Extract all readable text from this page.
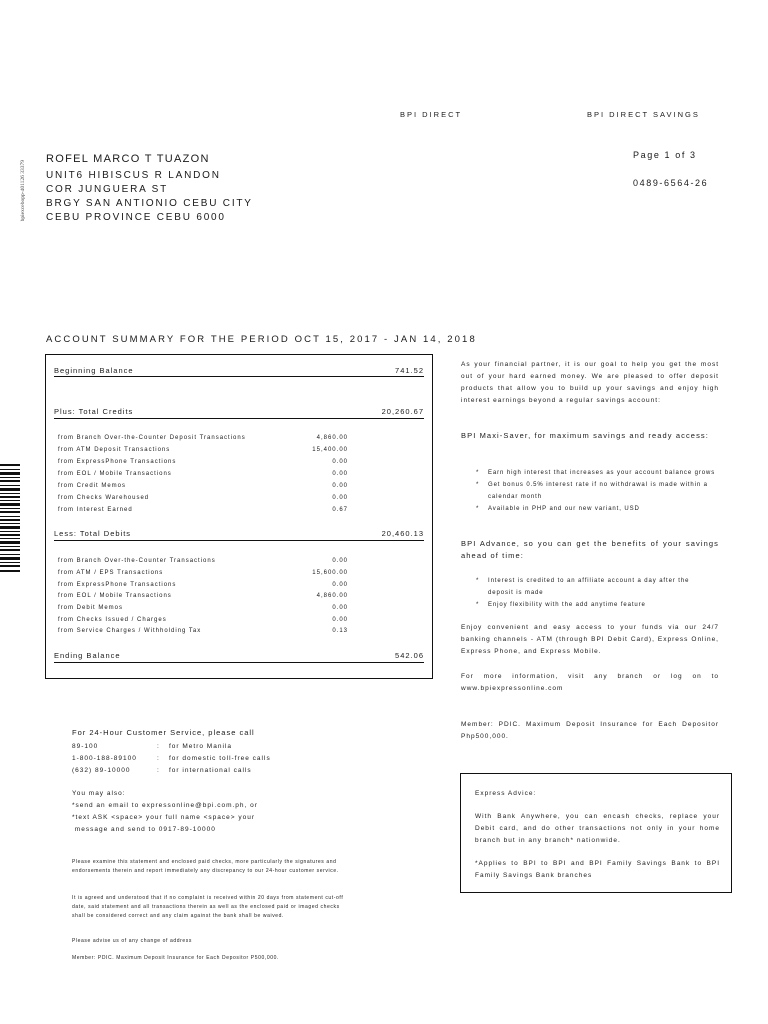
BPI DIRECT	BPI DIRECT SAVINGS
ROFEL MARCO T TUAZON
UNIT6 HIBISCUS R LANDON
COR JUNGUERA ST
BRGY SAN ANTIONIO CEBU CITY
CEBU PROVINCE CEBU 6000
bpiexcebopp-401126 33379
Page 1 of 3
0489-6564-26
ACCOUNT SUMMARY FOR THE PERIOD OCT 15, 2017 - JAN 14, 2018
Beginning Balance	741.52
Plus: Total Credits	20,260.67
from Branch Over-the-Counter Deposit Transactions	4,860.00
from ATM Deposit Transactions	15,400.00
from ExpressPhone Transactions	0.00
from EOL / Mobile Transactions	0.00
from Credit Memos	0.00
from Checks Warehoused	0.00
from Interest Earned	0.67
Less: Total Debits	20,460.13
from Branch Over-the-Counter Transactions	0.00
from ATM / EPS Transactions	15,600.00
from ExpressPhone Transactions	0.00
from EOL / Mobile Transactions	4,860.00
from Debit Memos	0.00
from Checks Issued / Charges	0.00
from Service Charges / Withholding Tax	0.13
Ending Balance	542.06
As your financial partner, it is our goal to help you get the most out of your hard earned money. We are pleased to offer deposit products that allow you to build up your savings and enjoy high interest earnings beyond a regular savings account:
BPI Maxi-Saver, for maximum savings and ready access:
* Earn high interest that increases as your account balance grows
* Get bonus 0.5% interest rate if no withdrawal is made within a calendar month
* Available in PHP and our new variant, USD
BPI Advance, so you can get the benefits of your savings ahead of time:
* Interest is credited to an affiliate account a day after the deposit is made
* Enjoy flexibility with the add anytime feature
Enjoy convenient and easy access to your funds via our 24/7 banking channels - ATM (through BPI Debit Card), Express Online, Express Phone, and Express Mobile.
For more information, visit any branch or log on to www.bpiexpressonline.com
Member: PDIC. Maximum Deposit Insurance for Each Depositor Php500,000.
For 24-Hour Customer Service, please call
89-100	: for Metro Manila
1-800-188-89100	: for domestic toll-free calls
(632) 89-10000	: for international calls
You may also:
*send an email to expressonline@bpi.com.ph, or
*text ASK <space> your full name <space> your
message and send to 0917-89-10000
Please examine this statement and enclosed paid checks, more particularly the signatures and endorsements therein and report immediately any discrepancy to our 24-hour customer service.
It is agreed and understood that if no complaint is received within 20 days from statement cut-off date, said statement and all transactions therein as well as the enclosed paid or imaged checks shall be considered correct and any claim against the bank shall be waived.
Please advise us of any change of address
Member: PDIC. Maximum Deposit Insurance for Each Depositor P500,000.
Express Advice:
With Bank Anywhere, you can encash checks, replace your Debit card, and do other transactions not only in your home branch but in any branch* nationwide.
*Applies to BPI to BPI and BPI Family Savings Bank to BPI Family Savings Bank branches
